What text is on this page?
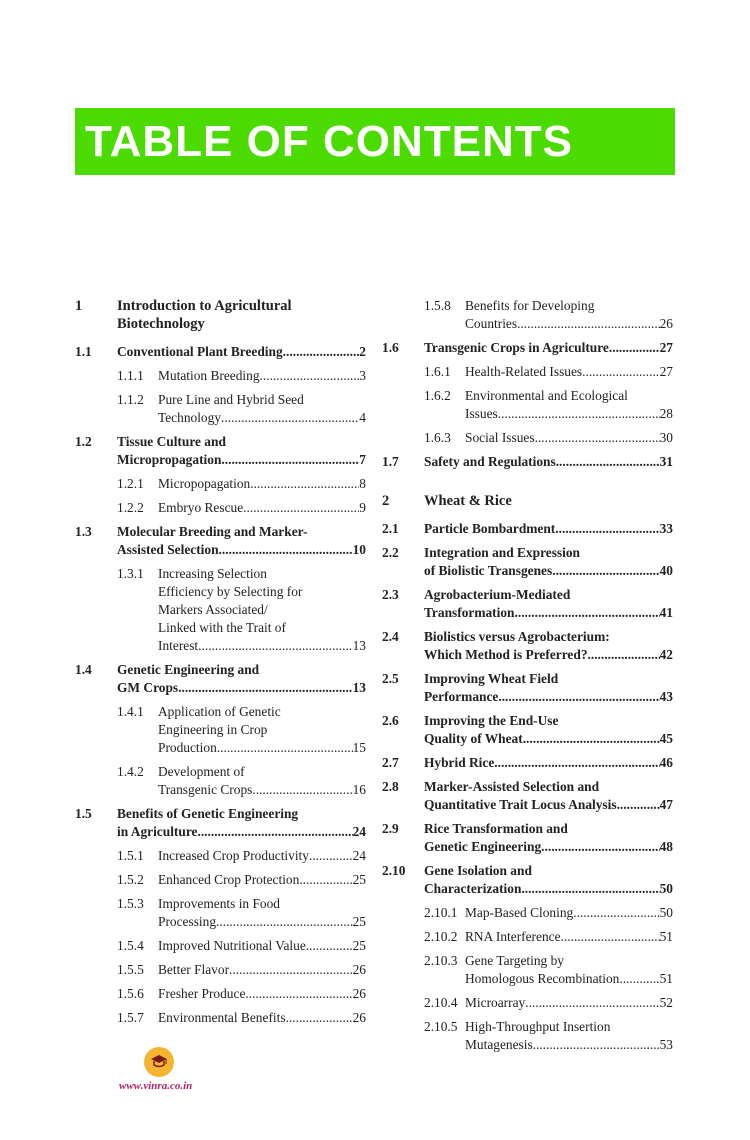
TABLE OF CONTENTS
1	Introduction to Agricultural
Biotechnology
1.1	Conventional Plant Breeding .....	2
1.1.1	Mutation Breeding .....	3
1.1.2	Pure Line and Hybrid Seed
Technology .....	4
1.2	Tissue Culture and
Micropropagation .....	7
1.2.1	Micropopagation .....	8
1.2.2	Embryo Rescue .....	9
1.3	Molecular Breeding and Marker-
Assisted Selection .....	10
1.3.1	Increasing Selection
Efficiency by Selecting for
Markers Associated/
Linked with the Trait of
Interest .....	13
1.4	Genetic Engineering and
GM Crops .....	13
1.4.1	Application of Genetic
Engineering in Crop
Production .....	15
1.4.2	Development of
Transgenic Crops .....	16
1.5	Benefits of Genetic Engineering
in Agriculture .....	24
1.5.1	Increased Crop Productivity .....	24
1.5.2	Enhanced Crop Protection .....	25
1.5.3	Improvements in Food
Processing .....	25
1.5.4	Improved Nutritional Value .....	25
1.5.5	Better Flavor .....	26
1.5.6	Fresher Produce .....	26
1.5.7	Environmental Benefits .....	26
1.5.8	Benefits for Developing
Countries .....	26
1.6	Transgenic Crops in Agriculture .....	27
1.6.1	Health-Related Issues .....	27
1.6.2	Environmental and Ecological
Issues .....	28
1.6.3	Social Issues .....	30
1.7	Safety and Regulations .....	31
2	Wheat & Rice
2.1	Particle Bombardment .....	33
2.2	Integration and Expression
of Biolistic Transgenes .....	40
2.3	Agrobacterium-Mediated
Transformation .....	41
2.4	Biolistics versus Agrobacterium:
Which Method is Preferred? .....	42
2.5	Improving Wheat Field
Performance .....	43
2.6	Improving the End-Use
Quality of Wheat .....	45
2.7	Hybrid Rice .....	46
2.8	Marker-Assisted Selection and
Quantitative Trait Locus Analysis .....	47
2.9	Rice Transformation and
Genetic Engineering .....	48
2.10	Gene Isolation and
Characterization .....	50
2.10.1 Map-Based Cloning .....	50
2.10.2 RNA Interference .....	51
2.10.3 Gene Targeting by
Homologous Recombination .....	51
2.10.4 Microarray .....	52
2.10.5 High-Throughput Insertion
Mutagenesis .....	53
www.vinra.co.in
